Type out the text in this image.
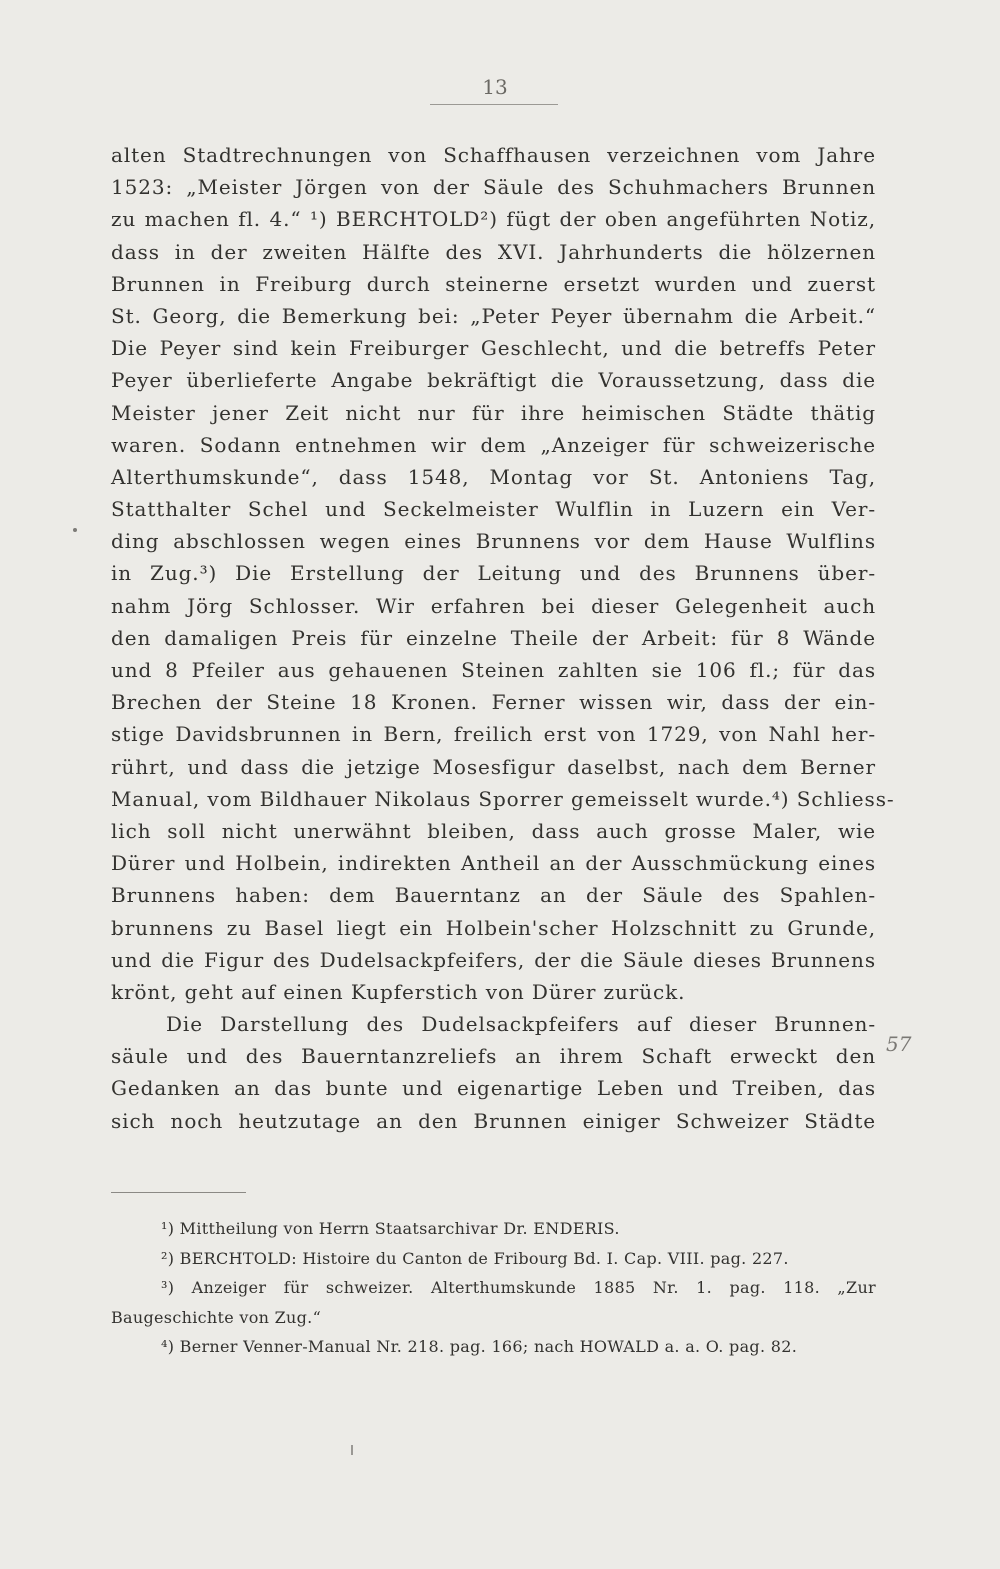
13
alten Stadtrechnungen von Schaffhausen verzeichnen vom Jahre
1523: „Meister Jörgen von der Säule des Schuhmachers Brunnen
zu machen fl. 4.“ ¹) BERCHTOLD²) fügt der oben angeführten Notiz,
dass in der zweiten Hälfte des XVI. Jahrhunderts die hölzernen
Brunnen in Freiburg durch steinerne ersetzt wurden und zuerst
St. Georg, die Bemerkung bei: „Peter Peyer übernahm die Arbeit.“
Die Peyer sind kein Freiburger Geschlecht, und die betreffs Peter
Peyer überlieferte Angabe bekräftigt die Voraussetzung, dass die
Meister jener Zeit nicht nur für ihre heimischen Städte thätig
waren. Sodann entnehmen wir dem „Anzeiger für schweizerische
Alterthumskunde“, dass 1548, Montag vor St. Antoniens Tag,
Statthalter Schel und Seckelmeister Wulflin in Luzern ein Ver-
ding abschlossen wegen eines Brunnens vor dem Hause Wulflins
in Zug.³) Die Erstellung der Leitung und des Brunnens über-
nahm Jörg Schlosser. Wir erfahren bei dieser Gelegenheit auch
den damaligen Preis für einzelne Theile der Arbeit: für 8 Wände
und 8 Pfeiler aus gehauenen Steinen zahlten sie 106 fl.; für das
Brechen der Steine 18 Kronen. Ferner wissen wir, dass der ein-
stige Davidsbrunnen in Bern, freilich erst von 1729, von Nahl her-
rührt, und dass die jetzige Mosesfigur daselbst, nach dem Berner
Manual, vom Bildhauer Nikolaus Sporrer gemeisselt wurde.⁴) Schliess-
lich soll nicht unerwähnt bleiben, dass auch grosse Maler, wie
Dürer und Holbein, indirekten Antheil an der Ausschmückung eines
Brunnens haben: dem Bauerntanz an der Säule des Spahlen-
brunnens zu Basel liegt ein Holbein'scher Holzschnitt zu Grunde,
und die Figur des Dudelsackpfeifers, der die Säule dieses Brunnens
krönt, geht auf einen Kupferstich von Dürer zurück.
Die Darstellung des Dudelsackpfeifers auf dieser Brunnen-
säule und des Bauerntanzreliefs an ihrem Schaft erweckt den
Gedanken an das bunte und eigenartige Leben und Treiben, das
sich noch heutzutage an den Brunnen einiger Schweizer Städte
57
¹) Mittheilung von Herrn Staatsarchivar Dr. ENDERIS.
²) BERCHTOLD: Histoire du Canton de Fribourg Bd. I. Cap. VIII. pag. 227.
³) Anzeiger für schweizer. Alterthumskunde 1885 Nr. 1. pag. 118. „Zur
Baugeschichte von Zug.“
⁴) Berner Venner-Manual Nr. 218. pag. 166; nach HOWALD a. a. O. pag. 82.
